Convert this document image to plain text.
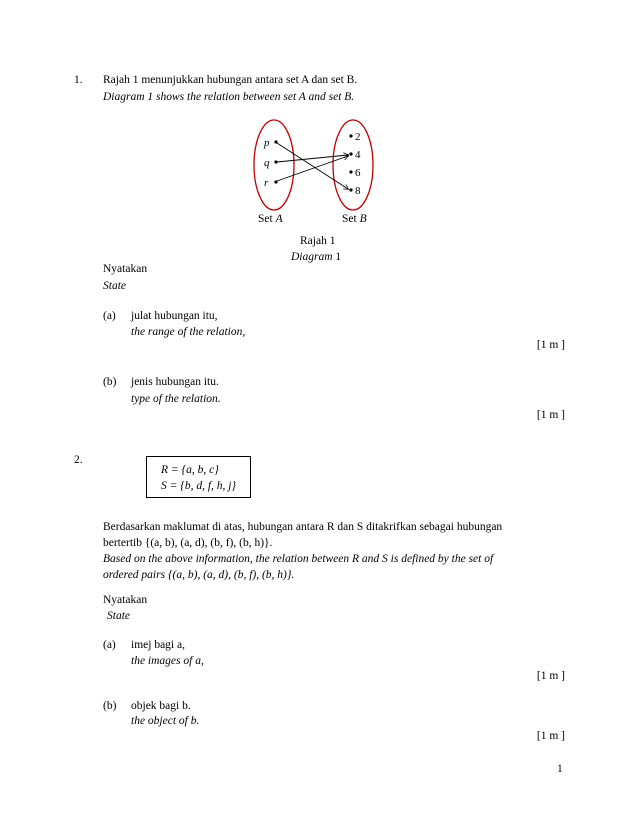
1. Rajah 1 menunjukkan hubungan antara set A dan set B.
Diagram 1 shows the relation between set A and set B.
p
q
r
2
4
6
8
Set A	Set B
Rajah 1
Diagram 1
Nyatakan
State
(a) julat hubungan itu,
the range of the relation,
[1 m ]
(b) jenis hubungan itu.
type of the relation.
[1 m ]
2.
R = {a, b, c}
S = {b, d, f, h, j}
Berdasarkan maklumat di atas, hubungan antara R dan S ditakrifkan sebagai hubungan
bertertib {(a, b), (a, d), (b, f), (b, h)}.
Based on the above information, the relation between R and S is defined by the set of
ordered pairs {(a, b), (a, d), (b, f), (b, h)}.
Nyatakan
State
(a) imej bagi a,
the images of a,
[1 m ]
(b) objek bagi b.
the object of b.
[1 m ]
1
